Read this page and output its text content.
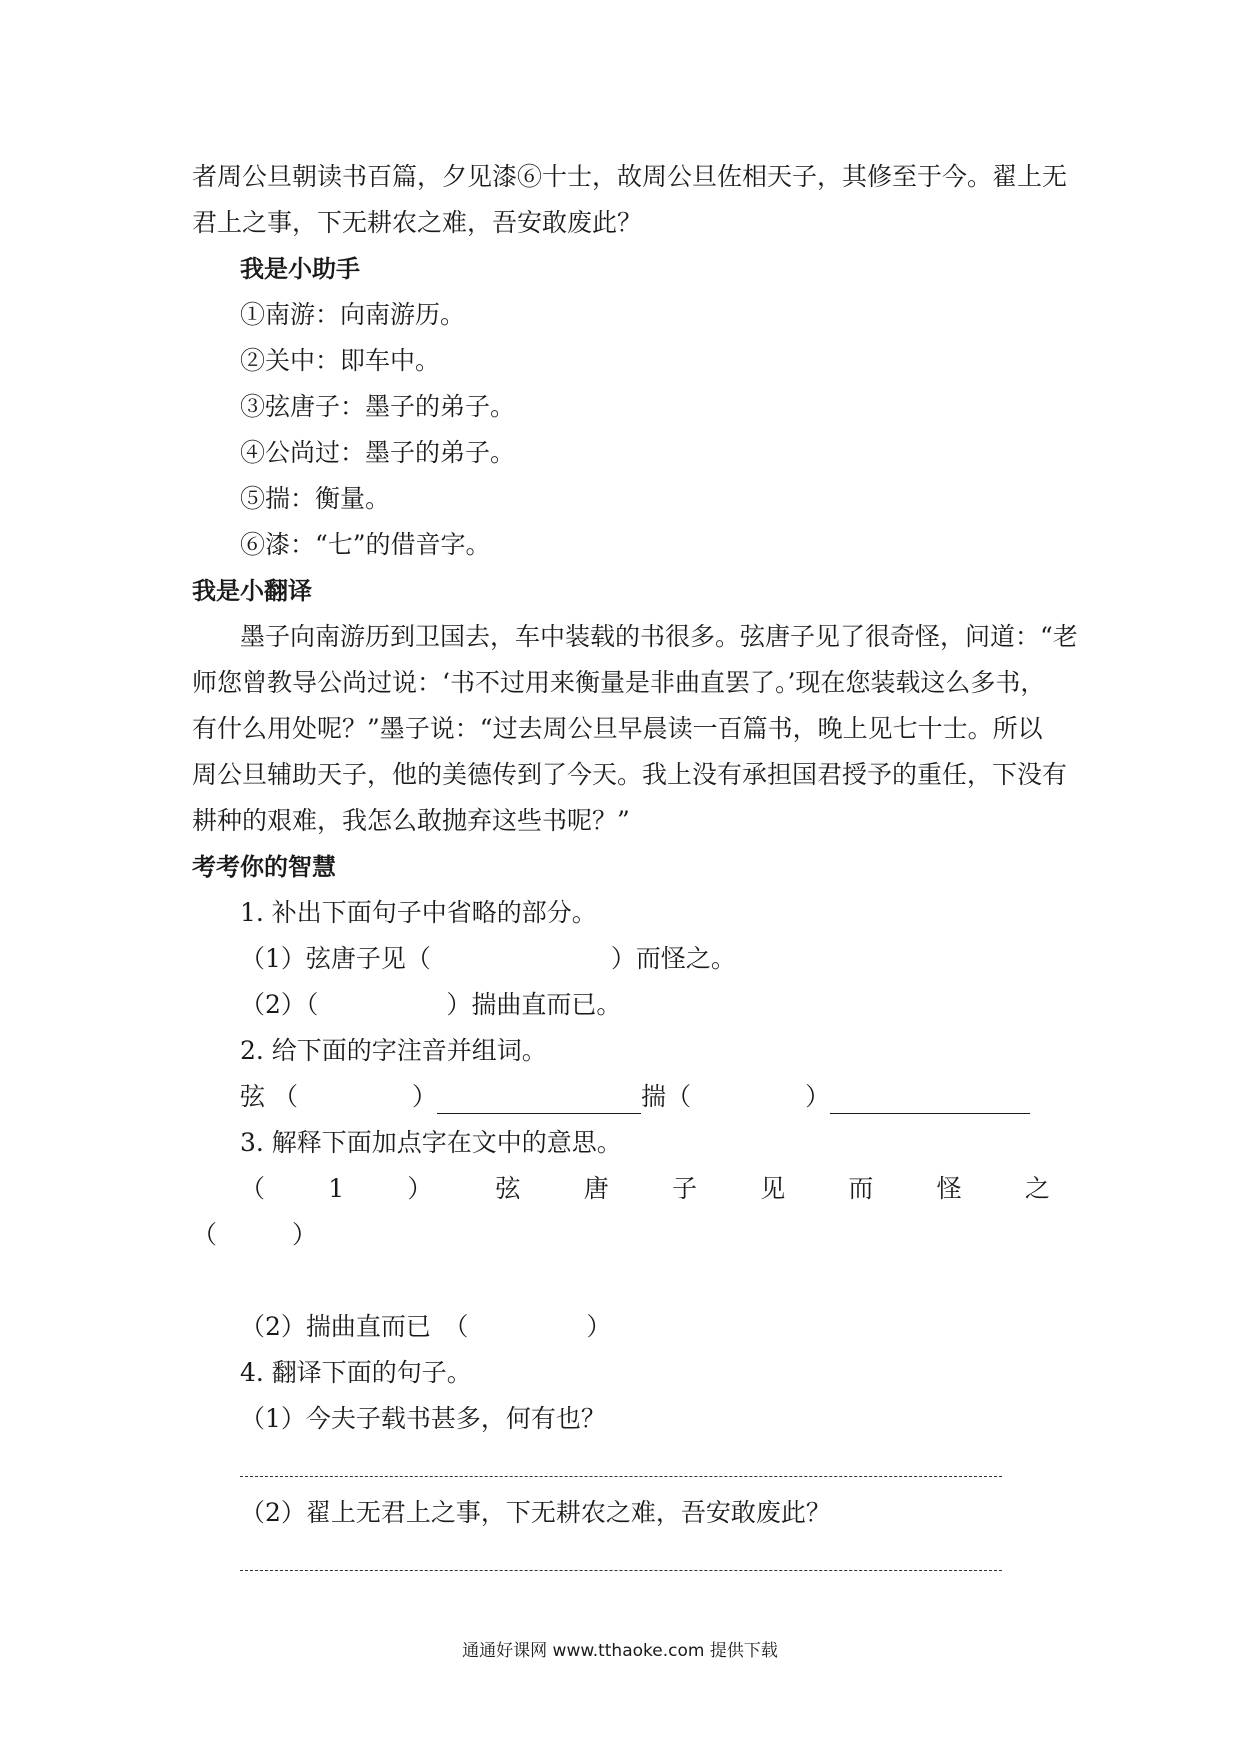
者周公旦朝读书百篇，夕见漆⑥十士，故周公旦佐相天子，其修至于今。翟上无
君上之事，下无耕农之难，吾安敢废此？
我是小助手
①南游：向南游历。
②关中：即车中。
③弦唐子：墨子的弟子。
④公尚过：墨子的弟子。
⑤揣：衡量。
⑥漆：“七”的借音字。
我是小翻译
墨子向南游历到卫国去，车中装载的书很多。弦唐子见了很奇怪，问道：“老
师您曾教导公尚过说：‘书不过用来衡量是非曲直罢了。’现在您装载这么多书，
有什么用处呢？”墨子说：“过去周公旦早晨读一百篇书，晚上见七十士。所以
周公旦辅助天子，他的美德传到了今天。我上没有承担国君授予的重任，下没有
耕种的艰难，我怎么敢抛弃这些书呢？”
考考你的智慧
1. 补出下面句子中省略的部分。
（1）弦唐子见（	）而怪之。
（2）（	）揣曲直而已。
2. 给下面的字注音并组词。
弦 （	）	揣 （	）
3. 解释下面加点字在文中的意思。
（	1	）	弦	唐	子	见	而	怪	之
（　　　）
（2）揣曲直而已　（	）
4. 翻译下面的句子。
（1）今夫子载书甚多，何有也？
（2）翟上无君上之事，下无耕农之难，吾安敢废此？
通通好课网 www.tthaoke.com 提供下载
